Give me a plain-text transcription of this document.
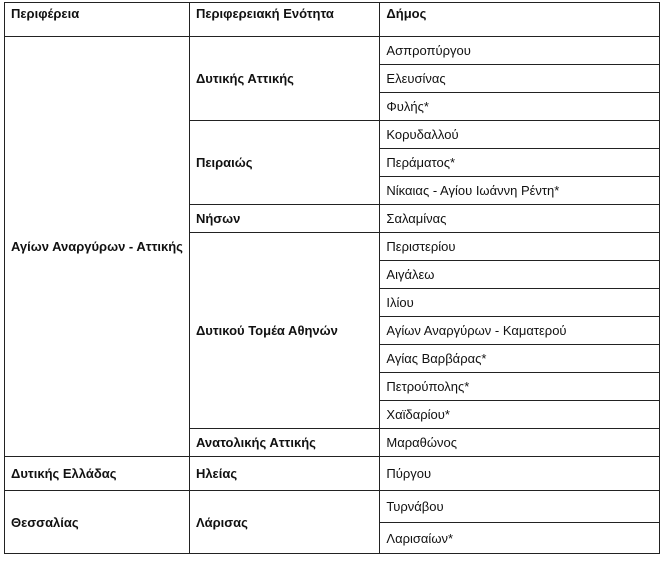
Περιφέρεια	Περιφερειακή Ενότητα	Δήμος
Αγίων Αναργύρων - Αττικής	Δυτικής Αττικής	Ασπροπύργου
		Ελευσίνας
		Φυλής*
	Πειραιώς	Κορυδαλλού
		Περάματος*
		Νίκαιας - Αγίου Ιωάννη Ρέντη*
	Νήσων	Σαλαμίνας
	Δυτικού Τομέα Αθηνών	Περιστερίου
		Αιγάλεω
		Ιλίου
		Αγίων Αναργύρων - Καματερού
		Αγίας Βαρβάρας*
		Πετρούπολης*
		Χαϊδαρίου*
	Ανατολικής Αττικής	Μαραθώνος
Δυτικής Ελλάδας	Ηλείας	Πύργου
Θεσσαλίας	Λάρισας	Τυρνάβου
		Λαρισαίων*
